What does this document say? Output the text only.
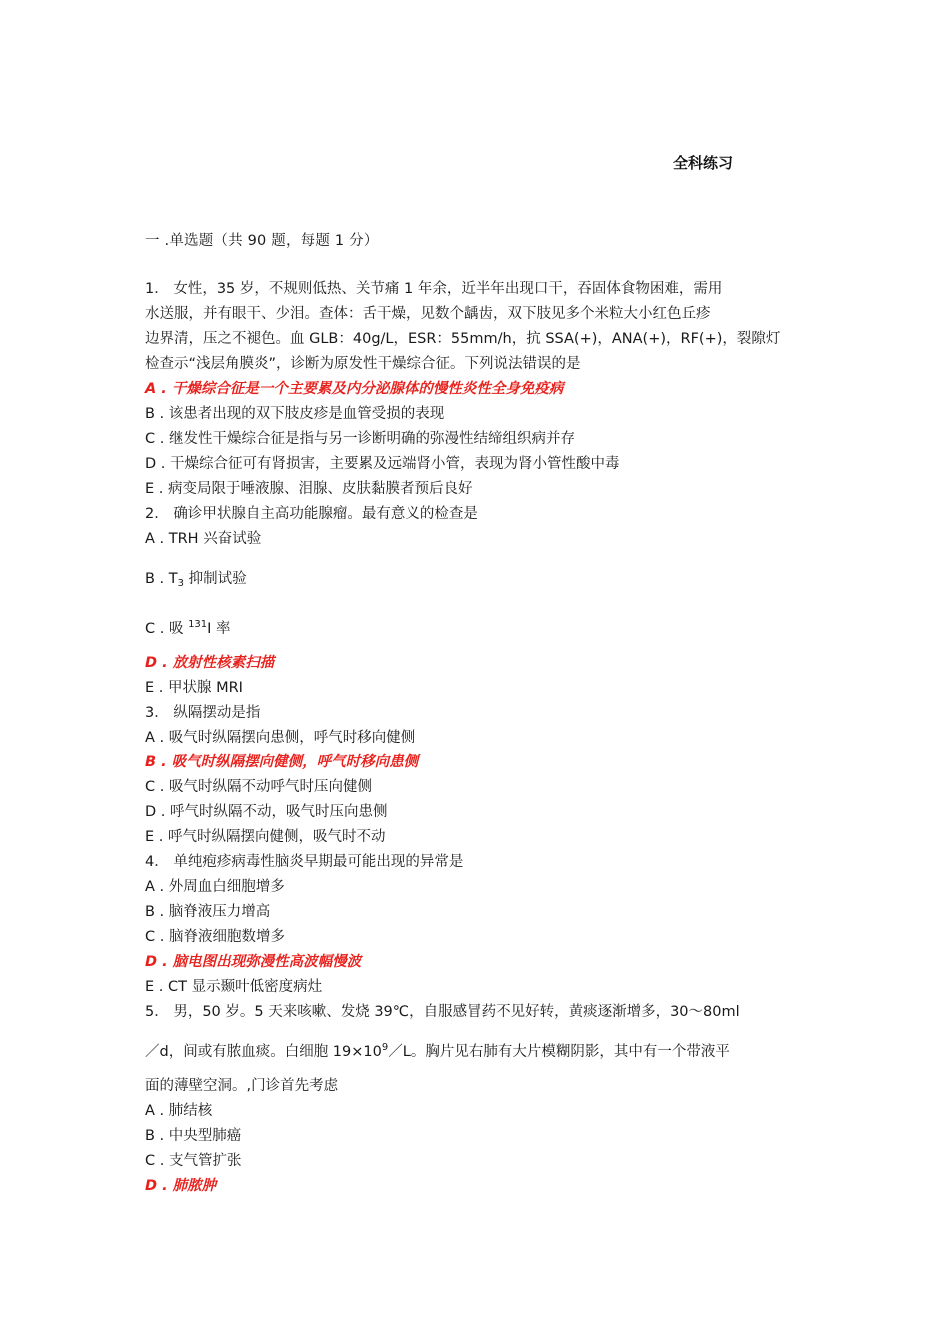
全科练习
一 .单选题（共 90 题，每题 1 分）
1． 女性，35 岁，不规则低热、关节痛 1 年余，近半年出现口干，吞固体食物困难，需用
水送服，并有眼干、少泪。查体：舌干燥，见数个龋齿，双下肢见多个米粒大小红色丘疹
边界清，压之不褪色。血 GLB：40g/L，ESR：55mm/h，抗 SSA(+)，ANA(+)，RF(+)，裂隙灯
检查示“浅层角膜炎”，诊断为原发性干燥综合征。下列说法错误的是
A . 干燥综合征是一个主要累及内分泌腺体的慢性炎性全身免疫病
B . 该患者出现的双下肢皮疹是血管受损的表现
C . 继发性干燥综合征是指与另一诊断明确的弥漫性结缔组织病并存
D . 干燥综合征可有肾损害，主要累及远端肾小管，表现为肾小管性酸中毒
E . 病变局限于唾液腺、泪腺、皮肤黏膜者预后良好
2． 确诊甲状腺自主高功能腺瘤。最有意义的检查是
A . TRH 兴奋试验
B . $T_3$ 抑制试验
C . 吸 $^{131}$I 率
D . 放射性核素扫描
E . 甲状腺 MRI
3． 纵隔摆动是指
A . 吸气时纵隔摆向患侧，呼气时移向健侧
B . 吸气时纵隔摆向健侧，呼气时移向患侧
C . 吸气时纵隔不动呼气时压向健侧
D . 呼气时纵隔不动，吸气时压向患侧
E . 呼气时纵隔摆向健侧，吸气时不动
4． 单纯疱疹病毒性脑炎早期最可能出现的异常是
A . 外周血白细胞增多
B . 脑脊液压力增高
C . 脑脊液细胞数增多
D . 脑电图出现弥漫性高波幅慢波
E . CT 显示颞叶低密度病灶
5． 男，50 岁。5 天来咳嗽、发烧 39℃，自服感冒药不见好转，黄痰逐渐增多，30～80ml
／d，间或有脓血痰。白细胞 $19\times 10^9/L$。胸片见右肺有大片模糊阴影，其中有一个带液平
面的薄壁空洞。,门诊首先考虑
A . 肺结核
B . 中央型肺癌
C . 支气管扩张
D . 肺脓肿
